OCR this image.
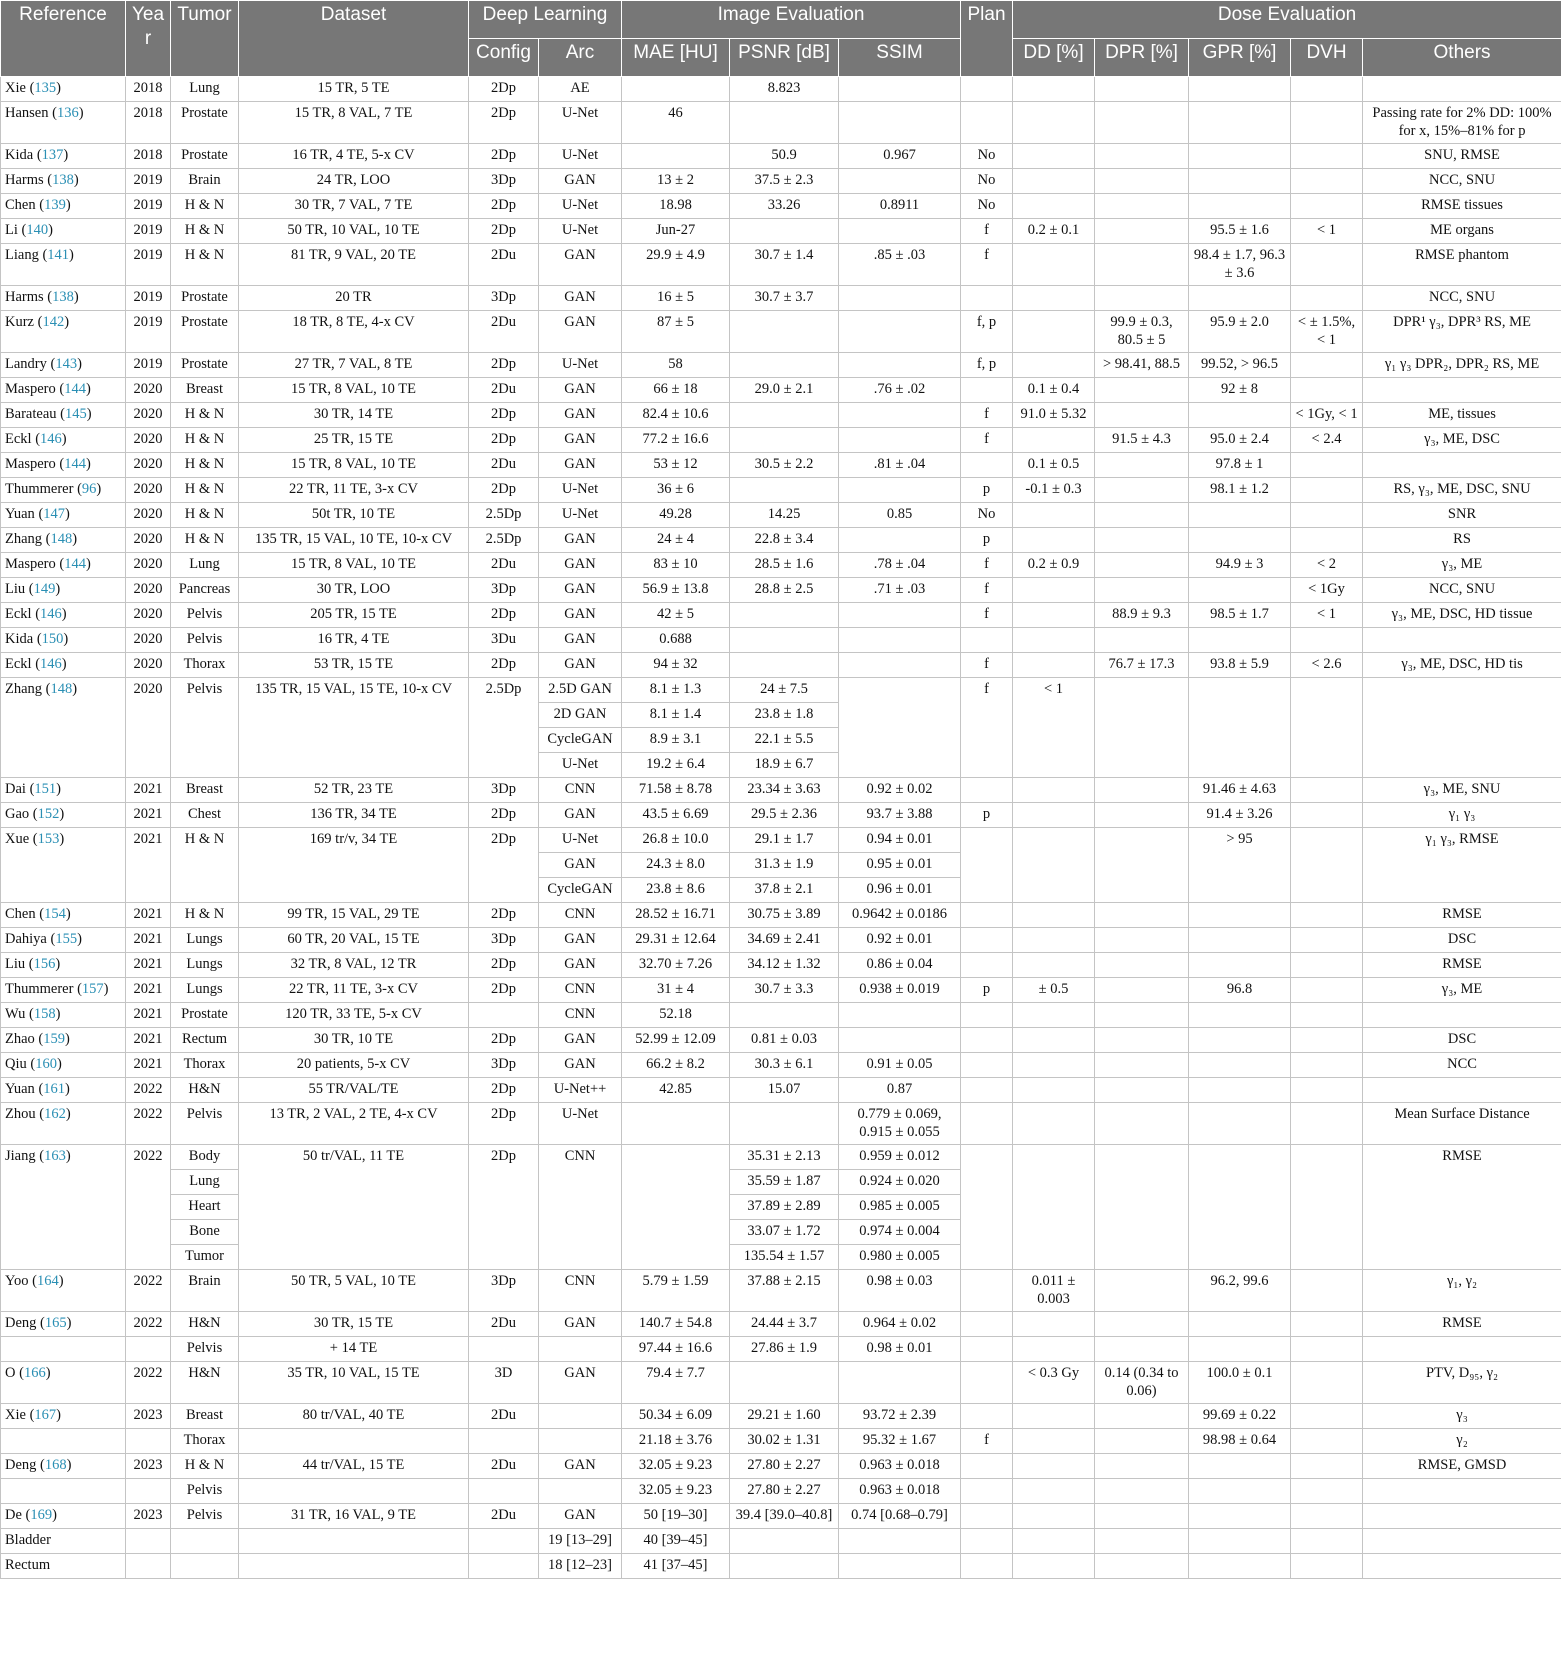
Reference	Year	Tumor	Dataset	Deep Learning		Image Evaluation			Plan	Dose Evaluation				
				Config	Arc	MAE [HU]	PSNR [dB]	SSIM		DD [%]	DPR [%]	GPR [%]	DVH	Others
Xie (135)	2018	Lung	15 TR, 5 TE	2Dp	AE		8.823							
Hansen (136)	2018	Prostate	15 TR, 8 VAL, 7 TE	2Dp	U-Net	46								Passing rate for 2% DD: 100% for x, 15%–81% for p
Kida (137)	2018	Prostate	16 TR, 4 TE, 5-x CV	2Dp	U-Net		50.9	0.967	No					SNU, RMSE
Harms (138)	2019	Brain	24 TR, LOO	3Dp	GAN	13 ± 2	37.5 ± 2.3		No					NCC, SNU
Chen (139)	2019	H & N	30 TR, 7 VAL, 7 TE	2Dp	U-Net	18.98	33.26	0.8911	No					RMSE tissues
Li (140)	2019	H & N	50 TR, 10 VAL, 10 TE	2Dp	U-Net	Jun-27			f	0.2 ± 0.1		95.5 ± 1.6	< 1	ME organs
Liang (141)	2019	H & N	81 TR, 9 VAL, 20 TE	2Du	GAN	29.9 ± 4.9	30.7 ± 1.4	.85 ± .03	f			98.4 ± 1.7, 96.3 ± 3.6		RMSE phantom
Harms (138)	2019	Prostate	20 TR	3Dp	GAN	16 ± 5	30.7 ± 3.7							NCC, SNU
Kurz (142)	2019	Prostate	18 TR, 8 TE, 4-x CV	2Du	GAN	87 ± 5			f, p		99.9 ± 0.3, 80.5 ± 5	95.9 ± 2.0	< ± 1.5%, < 1	DPR¹ γ₃, DPR³ RS, ME
Landry (143)	2019	Prostate	27 TR, 7 VAL, 8 TE	2Dp	U-Net	58			f, p		> 98.41, 88.5	99.52, > 96.5		γ₁ γ₃ DPR₂, DPR₂ RS, ME
Maspero (144)	2020	Breast	15 TR, 8 VAL, 10 TE	2Du	GAN	66 ± 18	29.0 ± 2.1	.76 ± .02		0.1 ± 0.4		92 ± 8		
Barateau (145)	2020	H & N	30 TR, 14 TE	2Dp	GAN	82.4 ± 10.6			f	91.0 ± 5.32			< 1Gy, < 1	ME, tissues
Eckl (146)	2020	H & N	25 TR, 15 TE	2Dp	GAN	77.2 ± 16.6			f		91.5 ± 4.3	95.0 ± 2.4	< 2.4	γ₃, ME, DSC
Maspero (144)	2020	H & N	15 TR, 8 VAL, 10 TE	2Du	GAN	53 ± 12	30.5 ± 2.2	.81 ± .04		0.1 ± 0.5		97.8 ± 1		
Thummerer (96)	2020	H & N	22 TR, 11 TE, 3-x CV	2Dp	U-Net	36 ± 6			p	-0.1 ± 0.3		98.1 ± 1.2		RS, γ₃, ME, DSC, SNU
Yuan (147)	2020	H & N	50t TR, 10 TE	2.5Dp	U-Net	49.28	14.25	0.85	No					SNR
Zhang (148)	2020	H & N	135 TR, 15 VAL, 10 TE, 10-x CV	2.5Dp	GAN	24 ± 4	22.8 ± 3.4		p					RS
Maspero (144)	2020	Lung	15 TR, 8 VAL, 10 TE	2Du	GAN	83 ± 10	28.5 ± 1.6	.78 ± .04	f	0.2 ± 0.9		94.9 ± 3	< 2	γ₃, ME
Liu (149)	2020	Pancreas	30 TR, LOO	3Dp	GAN	56.9 ± 13.8	28.8 ± 2.5	.71 ± .03	f				< 1Gy	NCC, SNU
Eckl (146)	2020	Pelvis	205 TR, 15 TE	2Dp	GAN	42 ± 5			f		88.9 ± 9.3	98.5 ± 1.7	< 1	γ₃, ME, DSC, HD tissue
Kida (150)	2020	Pelvis	16 TR, 4 TE	3Du	GAN	0.688								
Eckl (146)	2020	Thorax	53 TR, 15 TE	2Dp	GAN	94 ± 32			f		76.7 ± 17.3	93.8 ± 5.9	< 2.6	γ₃, ME, DSC, HD tis
Zhang (148)	2020	Pelvis	135 TR, 15 VAL, 15 TE, 10-x CV	2.5Dp	2.5D GAN	8.1 ± 1.3	24 ± 7.5		f	< 1				
					2D GAN	8.1 ± 1.4	23.8 ± 1.8							
					CycleGAN	8.9 ± 3.1	22.1 ± 5.5							
					U-Net	19.2 ± 6.4	18.9 ± 6.7							
Dai (151)	2021	Breast	52 TR, 23 TE	3Dp	CNN	71.58 ± 8.78	23.34 ± 3.63	0.92 ± 0.02				91.46 ± 4.63		γ₃, ME, SNU
Gao (152)	2021	Chest	136 TR, 34 TE	2Dp	GAN	43.5 ± 6.69	29.5 ± 2.36	93.7 ± 3.88	p			91.4 ± 3.26		γ₁ γ₃
Xue (153)	2021	H & N	169 tr/v, 34 TE	2Dp	U-Net	26.8 ± 10.0	29.1 ± 1.7	0.94 ± 0.01				> 95		γ₁ γ₃, RMSE
					GAN	24.3 ± 8.0	31.3 ± 1.9	0.95 ± 0.01						
					CycleGAN	23.8 ± 8.6	37.8 ± 2.1	0.96 ± 0.01						
Chen (154)	2021	H & N	99 TR, 15 VAL, 29 TE	2Dp	CNN	28.52 ± 16.71	30.75 ± 3.89	0.9642 ± 0.0186						RMSE
Dahiya (155)	2021	Lungs	60 TR, 20 VAL, 15 TE	3Dp	GAN	29.31 ± 12.64	34.69 ± 2.41	0.92 ± 0.01						DSC
Liu (156)	2021	Lungs	32 TR, 8 VAL, 12 TR	2Dp	GAN	32.70 ± 7.26	34.12 ± 1.32	0.86 ± 0.04						RMSE
Thummerer (157)	2021	Lungs	22 TR, 11 TE, 3-x CV	2Dp	CNN	31 ± 4	30.7 ± 3.3	0.938 ± 0.019	p	± 0.5		96.8		γ₃, ME
Wu (158)	2021	Prostate	120 TR, 33 TE, 5-x CV		CNN	52.18								
Zhao (159)	2021	Rectum	30 TR, 10 TE	2Dp	GAN	52.99 ± 12.09	0.81 ± 0.03							DSC
Qiu (160)	2021	Thorax	20 patients, 5-x CV	3Dp	GAN	66.2 ± 8.2	30.3 ± 6.1	0.91 ± 0.05						NCC
Yuan (161)	2022	H&N	55 TR/VAL/TE	2Dp	U-Net++	42.85	15.07	0.87						
Zhou (162)	2022	Pelvis	13 TR, 2 VAL, 2 TE, 4-x CV	2Dp	U-Net			0.779 ± 0.069, 0.915 ± 0.055						Mean Surface Distance
Jiang (163)	2022	Body	50 tr/VAL, 11 TE	2Dp	CNN		35.31 ± 2.13	0.959 ± 0.012						RMSE
		Lung					35.59 ± 1.87	0.924 ± 0.020						
		Heart					37.89 ± 2.89	0.985 ± 0.005						
		Bone					33.07 ± 1.72	0.974 ± 0.004						
		Tumor					135.54 ± 1.57	0.980 ± 0.005						
Yoo (164)	2022	Brain	50 TR, 5 VAL, 10 TE	3Dp	CNN	5.79 ± 1.59	37.88 ± 2.15	0.98 ± 0.03		0.011 ± 0.003		96.2, 99.6		γ₁, γ₂
Deng (165)	2022	H&N	30 TR, 15 TE	2Du	GAN	140.7 ± 54.8	24.44 ± 3.7	0.964 ± 0.02						RMSE
		Pelvis	+ 14 TE			97.44 ± 16.6	27.86 ± 1.9	0.98 ± 0.01						
O (166)	2022	H&N	35 TR, 10 VAL, 15 TE	3D	GAN	79.4 ± 7.7				< 0.3 Gy	0.14 (0.34 to 0.06)	100.0 ± 0.1		PTV, D₉₅, γ₂
Xie (167)	2023	Breast	80 tr/VAL, 40 TE	2Du		50.34 ± 6.09	29.21 ± 1.60	93.72 ± 2.39				99.69 ± 0.22		γ₃
		Thorax				21.18 ± 3.76	30.02 ± 1.31	95.32 ± 1.67	f			98.98 ± 0.64		γ₂
Deng (168)	2023	H & N	44 tr/VAL, 15 TE	2Du	GAN	32.05 ± 9.23	27.80 ± 2.27	0.963 ± 0.018						RMSE, GMSD
		Pelvis				32.05 ± 9.23	27.80 ± 2.27	0.963 ± 0.018						
De (169)	2023	Pelvis	31 TR, 16 VAL, 9 TE	2Du	GAN	50 [19–30]	39.4 [39.0–40.8]	0.74 [0.68–0.79]						
Bladder					19 [13–29]	40 [39–45]								
Rectum					18 [12–23]	41 [37–45]								
